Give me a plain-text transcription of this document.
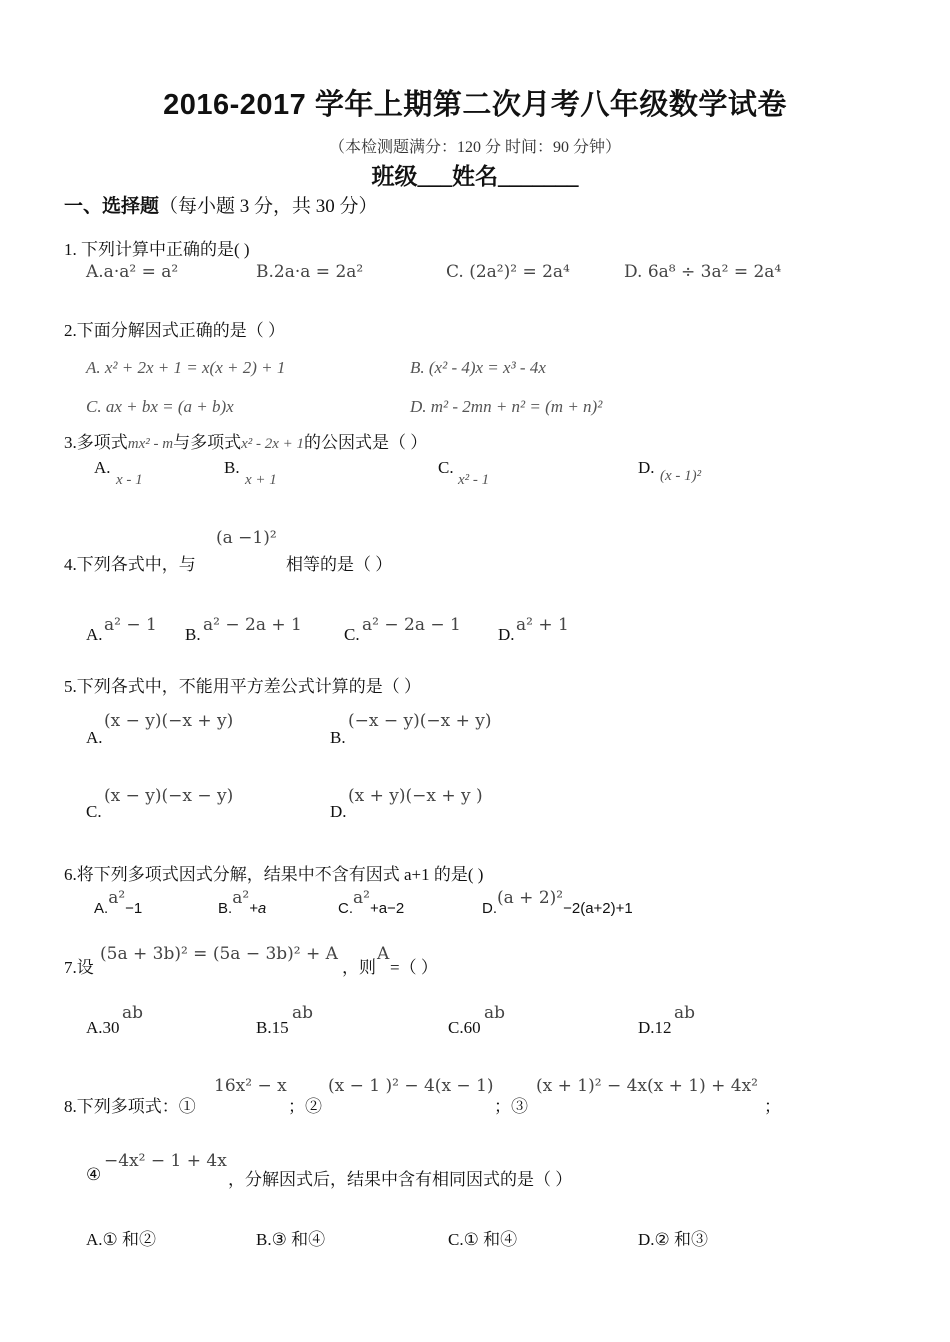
2016-2017 学年上期第二次月考八年级数学试卷
（本检测题满分：120 分 时间：90 分钟）
班级___姓名_______
一、选择题（每小题 3 分，共 30 分）
1. 下列计算中正确的是( )
A.a·a² = a²	B.2a·a = 2a²	C. (2a²)² = 2a⁴	D. 6a⁸ ÷ 3a² = 2a⁴
2.下面分解因式正确的是（ ）
A. x² + 2x + 1 = x(x + 2) + 1	B. (x² - 4)x = x³ - 4x
C. ax + bx = (a + b)x	D. m² - 2mn + n² = (m + n)²
3.多项式mx² - m与多项式x² - 2x + 1的公因式是（ ）
A.
x - 1
B.
x + 1
C.
x² - 1
D. (x - 1)²
4.下列各式中，与
(a −1)²
相等的是（ ）
A. a² − 1 B. a² − 2a + 1 C. a² − 2a − 1 D. a² + 1
5.下列各式中，不能用平方差公式计算的是（ ）
A.
(x − y)(−x + y)
B.
(−x − y)(−x + y)
C.
(x − y)(−x − y)
D.
(x + y)(−x + y )
6.将下列多项式因式分解，结果中不含有因式 a+1 的是( )
A.a²−1	B.a²+a	C.a²+a−2	D.(a + 2)²−2(a+2)+1
7.设
(5a + 3b)² = (5a − 3b)² + A
，则
A
=（ ）
A.30
ab
B.15
ab
C.60
ab
D.12
ab
8.下列多项式：①
16x² − x
；②
(x − 1 )² − 4(x − 1)
；③
(x + 1)² − 4x(x + 1) + 4x²
；
④
−4x² − 1 + 4x
，分解因式后，结果中含有相同因式的是（ ）
A.① 和②	B.③ 和④	C.① 和④	D.② 和③
